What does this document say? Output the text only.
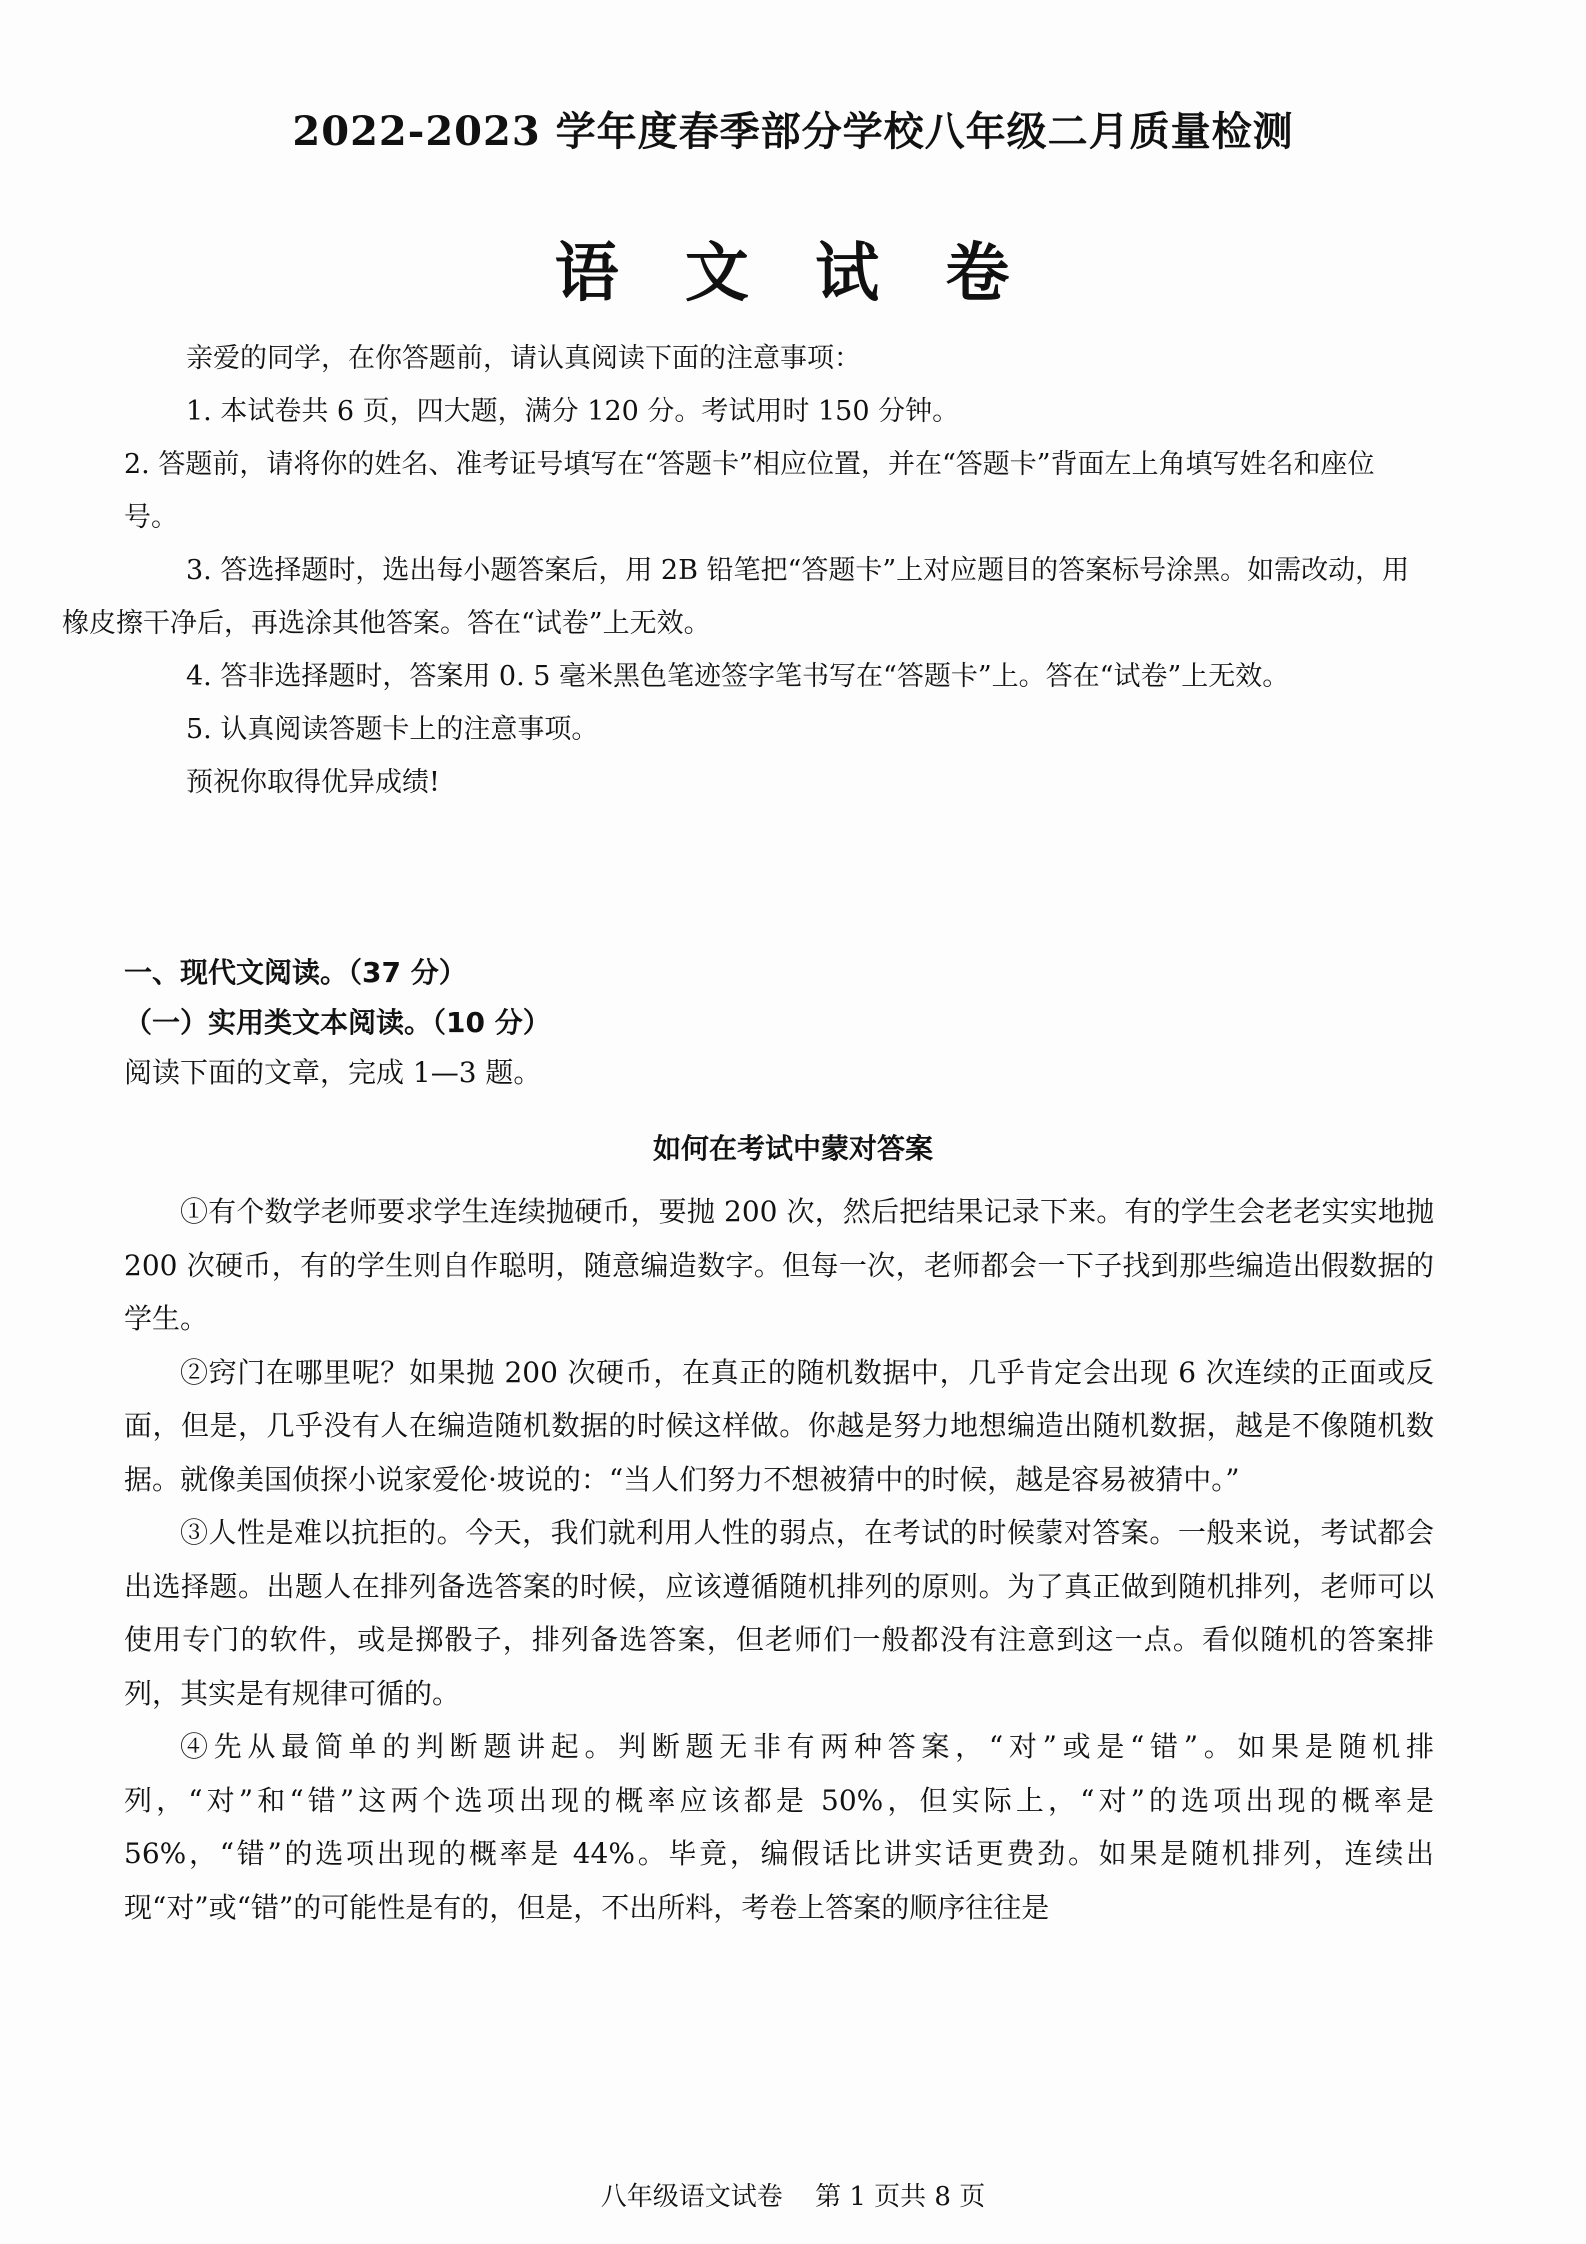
2022-2023 学年度春季部分学校八年级二月质量检测
语 文 试 卷

亲爱的同学，在你答题前，请认真阅读下面的注意事项：

1. 本试卷共 6 页，四大题，满分 120 分。考试用时 150 分钟。

2. 答题前，请将你的姓名、准考证号填写在“答题卡”相应位置，并在“答题卡”背面左上角填写姓名和座位号。

3. 答选择题时，选出每小题答案后，用 2B 铅笔把“答题卡”上对应题目的答案标号涂黑。如需改动，用橡皮擦干净后，再选涂其他答案。答在“试卷”上无效。

4. 答非选择题时，答案用 0. 5 毫米黑色笔迹签字笔书写在“答题卡”上。答在“试卷”上无效。

5. 认真阅读答题卡上的注意事项。

预祝你取得优异成绩!

一、现代文阅读。（37 分）
（一）实用类文本阅读。（10 分）
阅读下面的文章，完成 1—3 题。
如何在考试中蒙对答案

①有个数学老师要求学生连续抛硬币，要抛 200 次，然后把结果记录下来。有的学生会老老实实地抛 200 次硬币，有的学生则自作聪明，随意编造数字。但每一次，老师都会一下子找到那些编造出假数据的学生。

②窍门在哪里呢？如果抛 200 次硬币，在真正的随机数据中，几乎肯定会出现 6 次连续的正面或反面，但是，几乎没有人在编造随机数据的时候这样做。你越是努力地想编造出随机数据，越是不像随机数据。就像美国侦探小说家爱伦·坡说的：“当人们努力不想被猜中的时候，越是容易被猜中。”

③人性是难以抗拒的。今天，我们就利用人性的弱点，在考试的时候蒙对答案。一般来说，考试都会出选择题。出题人在排列备选答案的时候，应该遵循随机排列的原则。为了真正做到随机排列，老师可以使用专门的软件，或是掷骰子，排列备选答案，但老师们一般都没有注意到这一点。看似随机的答案排列，其实是有规律可循的。

④先从最简单的判断题讲起。判断题无非有两种答案，“对”或是“错”。如果是随机排列，“对”和“错”这两个选项出现的概率应该都是 50%，但实际上，“对”的选项出现的概率是 56%，“错”的选项出现的概率是 44%。毕竟，编假话比讲实话更费劲。如果是随机排列，连续出现“对”或“错”的可能性是有的，但是，不出所料，考卷上答案的顺序往往是

八年级语文试卷 第 1 页共 8 页
